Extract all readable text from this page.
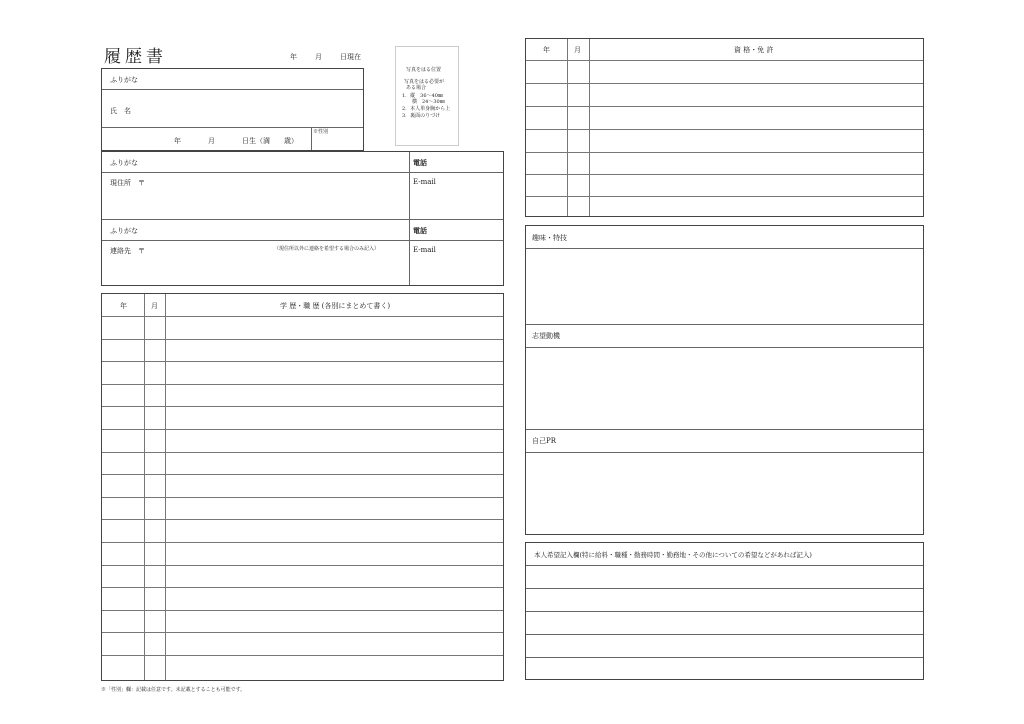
履歴書	年	月	日現在
写真をはる位置
写真をはる必要が
ある場合
1．縦　36～40㎜
　　横　24～30㎜
2．本人単身胸から上
3．裏面のりづけ
ふりがな
氏　名
年	月	日生（満　　歳）
※性別
ふりがな
現住所　〒
電話
E-mail
ふりがな
連絡先　〒	（現住所以外に連絡を希望する場合のみ記入）
電話
E-mail
年	月	学 歴・職 歴 (各別にまとめて書く)
※「性別」欄：記載は任意です。未記載とすることも可能です。
年	月	資 格・免 許
趣味・特技
志望動機
自己PR
本人希望記入欄(特に給料・職種・勤務時間・勤務地・その他についての希望などがあれば記入)
